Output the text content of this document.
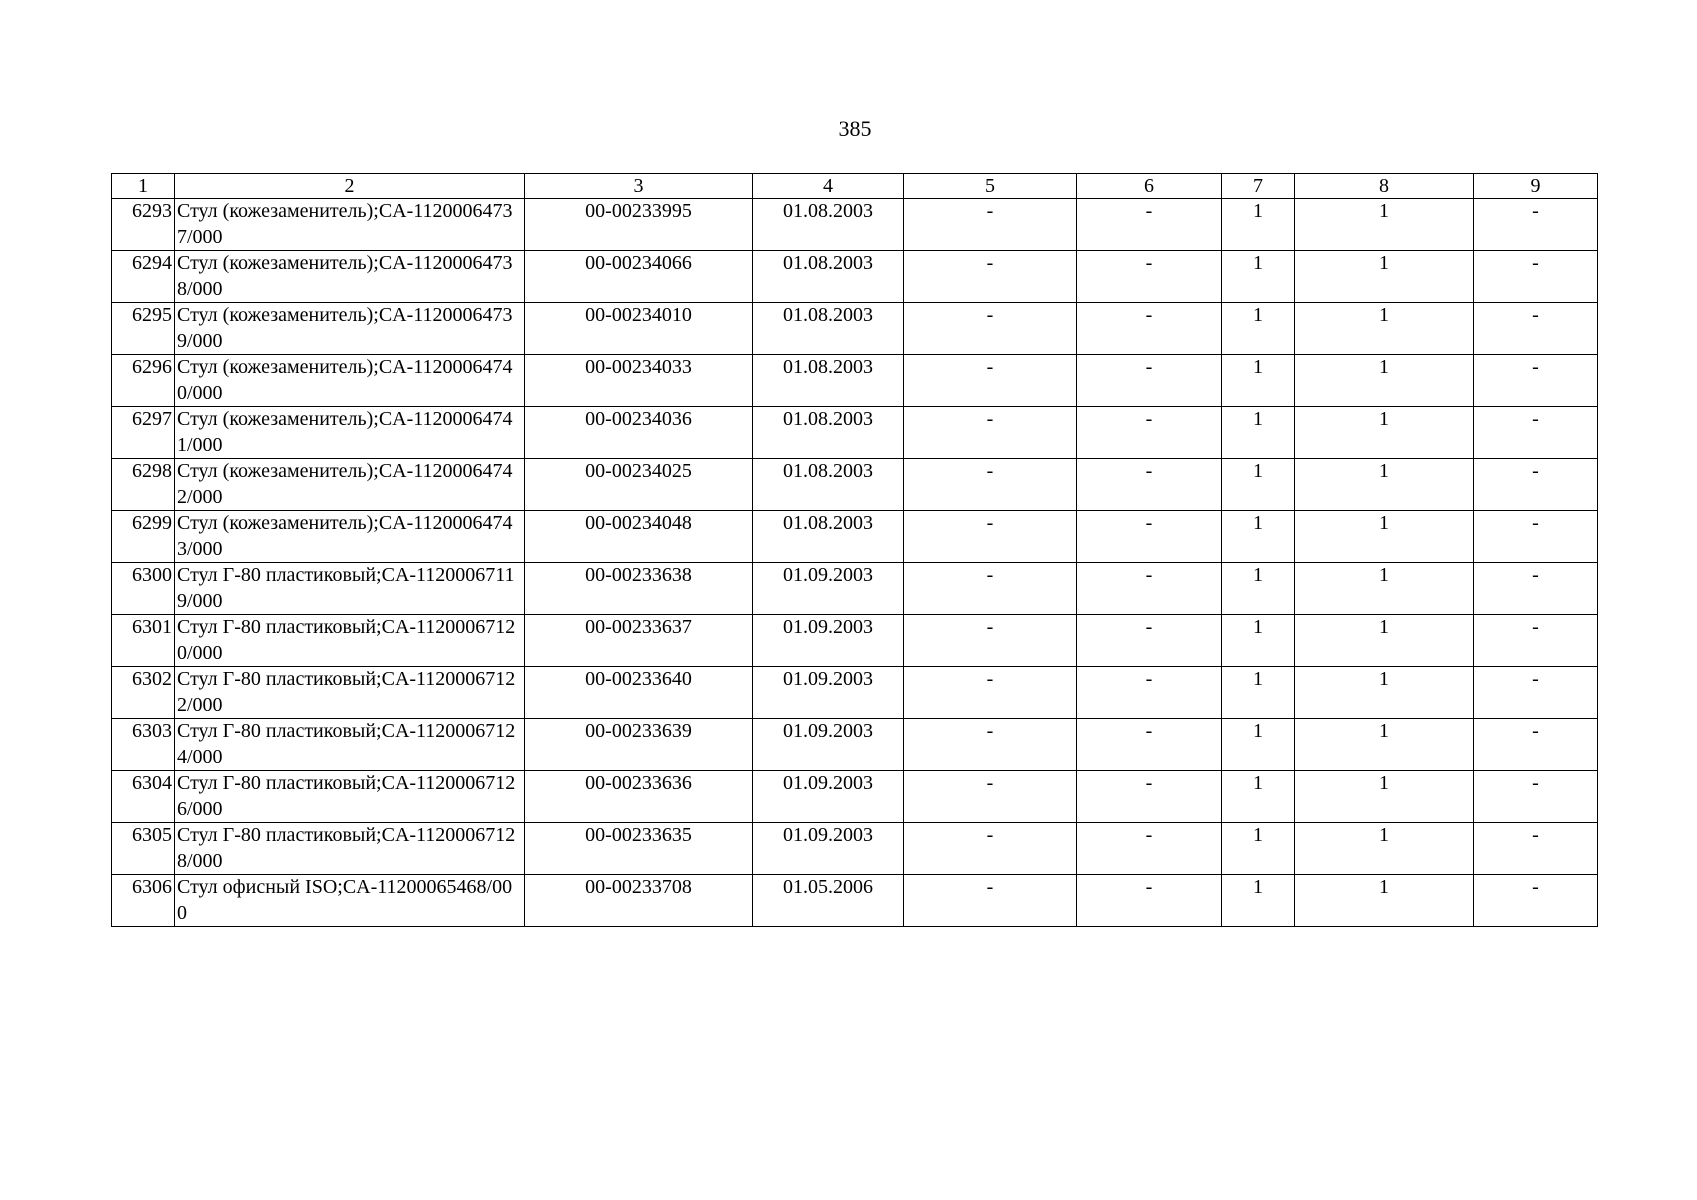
385
1	2	3	4	5	6	7	8	9
6293	Стул (кожезаменитель);CA-11200064737/000	00-00233995	01.08.2003	-	-	1	1	-
6294	Стул (кожезаменитель);CA-11200064738/000	00-00234066	01.08.2003	-	-	1	1	-
6295	Стул (кожезаменитель);CA-11200064739/000	00-00234010	01.08.2003	-	-	1	1	-
6296	Стул (кожезаменитель);CA-11200064740/000	00-00234033	01.08.2003	-	-	1	1	-
6297	Стул (кожезаменитель);CA-11200064741/000	00-00234036	01.08.2003	-	-	1	1	-
6298	Стул (кожезаменитель);CA-11200064742/000	00-00234025	01.08.2003	-	-	1	1	-
6299	Стул (кожезаменитель);CA-11200064743/000	00-00234048	01.08.2003	-	-	1	1	-
6300	Стул Г-80 пластиковый;CA-11200067119/000	00-00233638	01.09.2003	-	-	1	1	-
6301	Стул Г-80 пластиковый;CA-11200067120/000	00-00233637	01.09.2003	-	-	1	1	-
6302	Стул Г-80 пластиковый;CA-11200067122/000	00-00233640	01.09.2003	-	-	1	1	-
6303	Стул Г-80 пластиковый;CA-11200067124/000	00-00233639	01.09.2003	-	-	1	1	-
6304	Стул Г-80 пластиковый;CA-11200067126/000	00-00233636	01.09.2003	-	-	1	1	-
6305	Стул Г-80 пластиковый;CA-11200067128/000	00-00233635	01.09.2003	-	-	1	1	-
6306	Стул офисный ISO;CA-11200065468/000	00-00233708	01.05.2006	-	-	1	1	-
